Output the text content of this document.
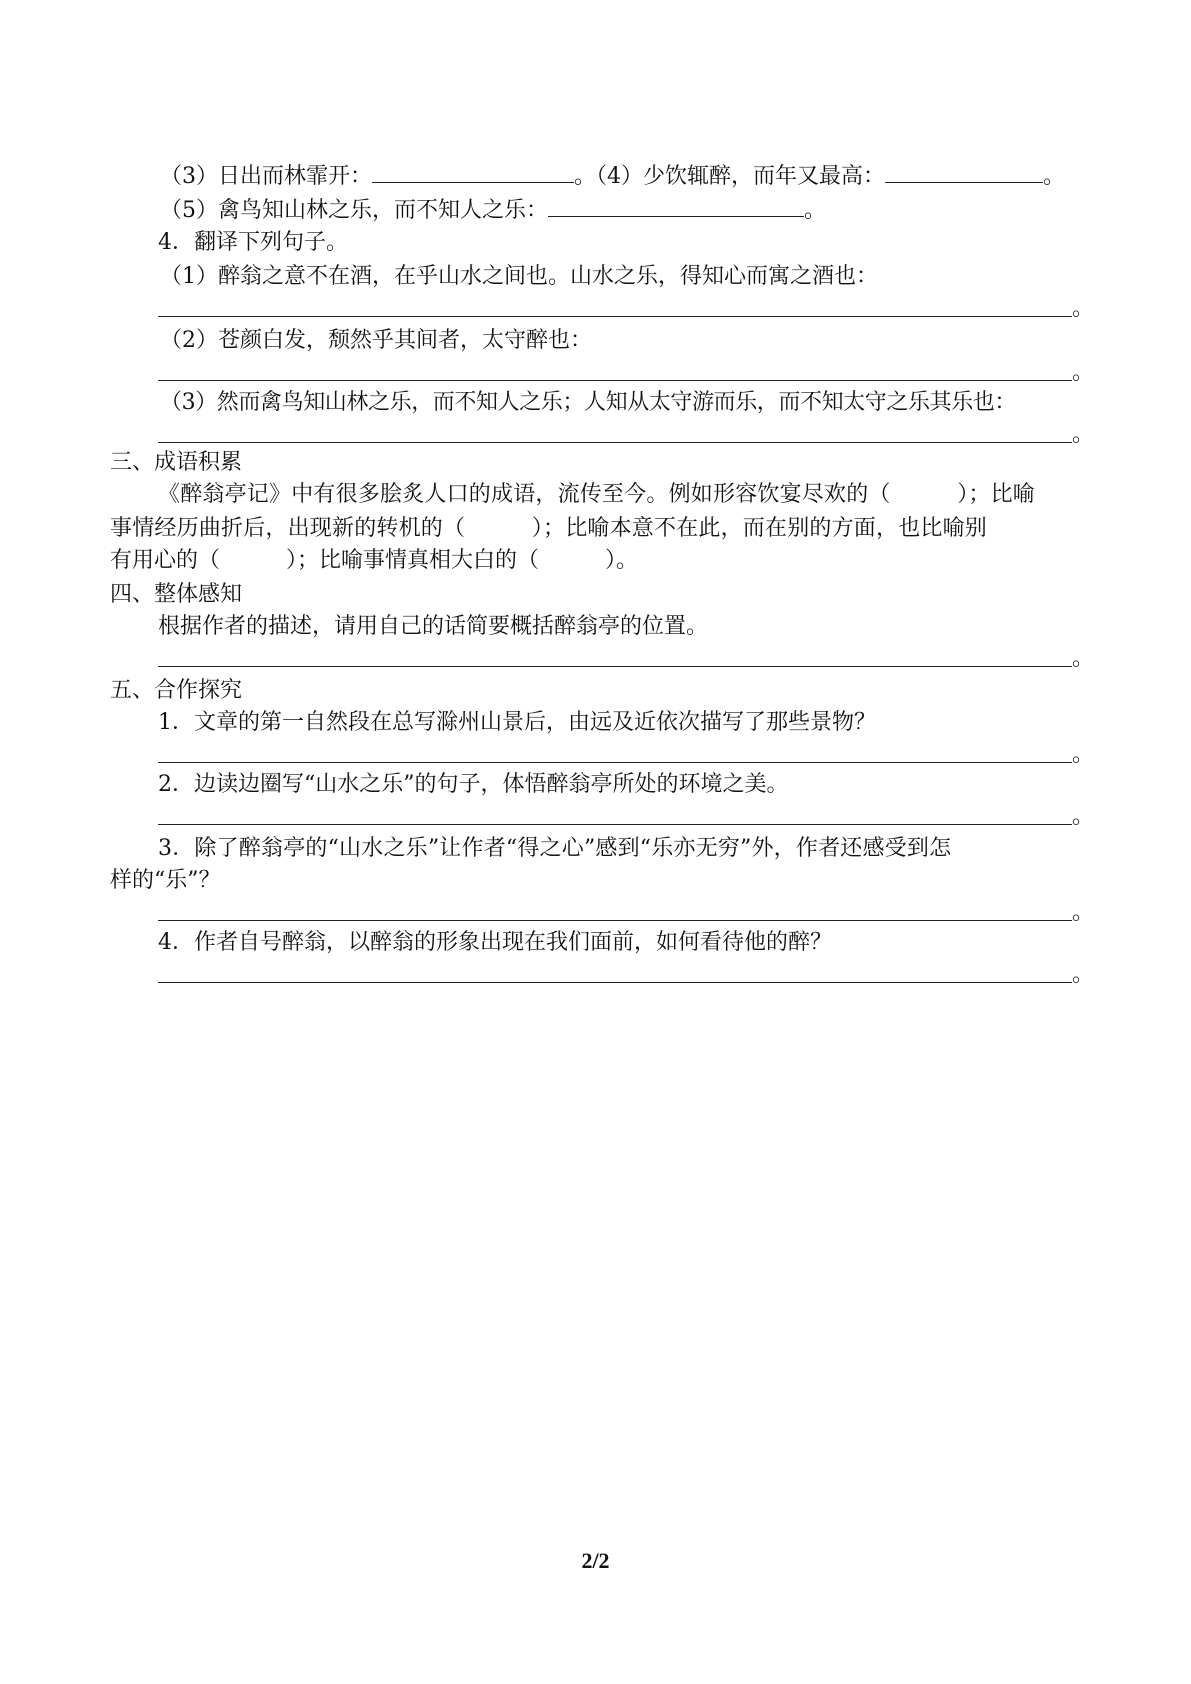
（3）日出而林霏开：	。（4）少饮辄醉，而年又最高：	。
（5）禽鸟知山林之乐，而不知人之乐：	。
4．翻译下列句子。
（1）醉翁之意不在酒，在乎山水之间也。山水之乐，得知心而寓之酒也：
。
（2）苍颜白发，颓然乎其间者，太守醉也：
。
（3）然而禽鸟知山林之乐，而不知人之乐；人知从太守游而乐，而不知太守之乐其乐也：
。
三、成语积累
《醉翁亭记》中有很多脍炙人口的成语，流传至今。例如形容饮宴尽欢的（　　　）；比喻
事情经历曲折后，出现新的转机的（　　　）；比喻本意不在此，而在别的方面，也比喻别
有用心的（　　　）；比喻事情真相大白的（　　　）。
四、整体感知
根据作者的描述，请用自己的话简要概括醉翁亭的位置。
。
五、合作探究
1．文章的第一自然段在总写滁州山景后，由远及近依次描写了那些景物？
。
2．边读边圈写“山水之乐”的句子，体悟醉翁亭所处的环境之美。
。
3．除了醉翁亭的“山水之乐”让作者“得之心”感到“乐亦无穷”外，作者还感受到怎
样的“乐”？
。
4．作者自号醉翁，以醉翁的形象出现在我们面前，如何看待他的醉？
。
2/2
